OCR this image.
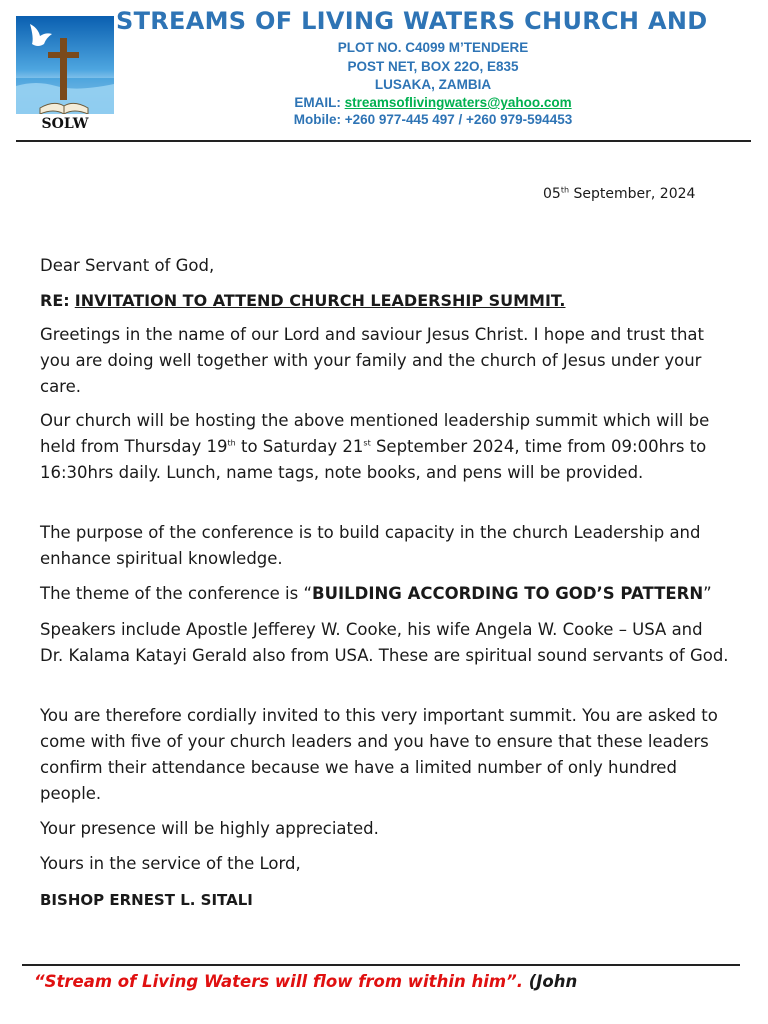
SOLW
STREAMS OF LIVING WATERS CHURCH AND
PLOT NO. C4099 M’TENDERE
POST NET, BOX 22O, E835
LUSAKA, ZAMBIA
EMAIL: streamsoflivingwaters@yahoo.com
Mobile: +260 977-445 497 / +260 979-594453
05th September, 2024

Dear Servant of God,

RE: INVITATION TO ATTEND CHURCH LEADERSHIP SUMMIT.

Greetings in the name of our Lord and saviour Jesus Christ. I hope and trust that you are doing well together with your family and the church of Jesus under your care.

Our church will be hosting the above mentioned leadership summit which will be held from Thursday 19th to Saturday 21st September 2024, time from 09:00hrs to 16:30hrs daily. Lunch, name tags, note books, and pens will be provided.

The purpose of the conference is to build capacity in the church Leadership and enhance spiritual knowledge.

The theme of the conference is “BUILDING ACCORDING TO GOD’S PATTERN”

Speakers include Apostle Jefferey W. Cooke, his wife Angela W. Cooke – USA and Dr. Kalama Katayi Gerald also from USA. These are spiritual sound servants of God.

You are therefore cordially invited to this very important summit. You are asked to come with five of your church leaders and you have to ensure that these leaders confirm their attendance because we have a limited number of only hundred people.

Your presence will be highly appreciated.

Yours in the service of the Lord,

BISHOP ERNEST L. SITALI

“Stream of Living Waters will flow from within him”. (John
